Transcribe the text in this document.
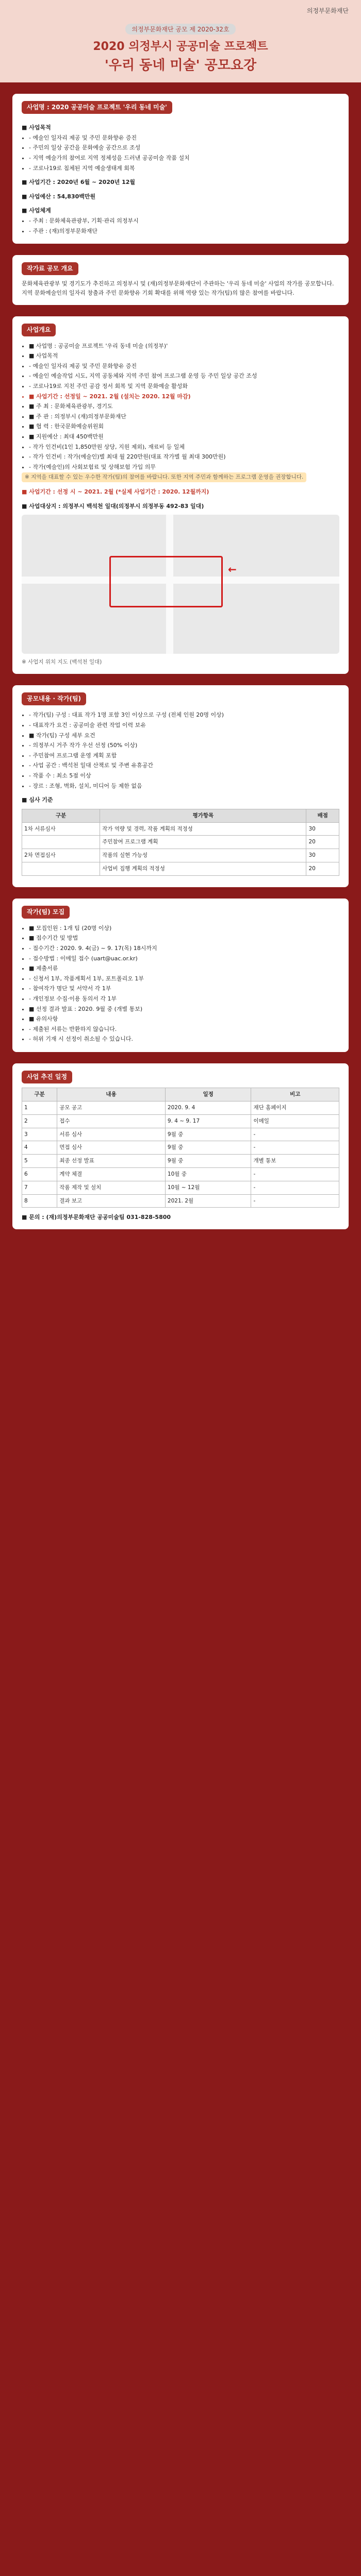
의정부문화재단
의정부문화재단 공모 제 2020-32호
2020 의정부시 공공미술 프로젝트
'우리 동네 미술' 공모요강
사업명 : 2020 공공미술 프로젝트 '우리 동네 미술'
■ 사업목적
• - 예술인 일자리 제공 및 주민 문화향유 증진
• - 주민의 일상 공간을 문화예술 공간으로 조성
• - 지역 예술가의 참여로 지역 정체성을 드러낸 공공미술 작품 설치
• - 코로나19로 침체된 지역 예술생태계 회복
■ 사업기간 : 2020년 6월 ~ 2020년 12월
■ 사업예산 : 54,830백만원
■ 사업체계
• - 주최 : 문화체육관광부, 기획·관리 의정부시
• - 주관 : (재)의정부문화재단
작가료 공모 개요
문화체육관광부 및 경기도가 추진하고 의정부시 및 (재)의정부문화재단이 주관하는 '우리 동네 미술' 사업의 작가를 공모합니다. 지역 문화예술인의 일자리 창출과 주민 문화향유 기회 확대를 위해 역량 있는 작가(팀)의 많은 참여를 바랍니다.
사업개요
• ■ 사업명 : 공공미술 프로젝트 '우리 동네 미술 (의정부)'
• ■ 사업목적
• - 예술인 일자리 제공 및 주민 문화향유 증진
• - 예술인 예술작업 시도, 지역 공동체와 지역 주민 참여 프로그램 운영 등 주민 일상 공간 조성
• - 코로나19로 지친 주민 공감 정서 회복 및 지역 문화예술 활성화
• ■ 사업기간 : 선정일 ~ 2021. 2월 (설치는 2020. 12월 마감)
• ■ 주 최 : 문화체육관광부, 경기도
• ■ 주 관 : 의정부시 (재)의정부문화재단
• ■ 협 력 : 한국문화예술위원회
• ■ 지원예산 : 최대 450백만원
• - 작가 인건비(1인 1,850만원 상당, 지원 제외), 재료비 등 일체
• - 작가 인건비 : 작가(예술인)별 최대 월 220만원(대표 작가별 월 최대 300만원)
• - 작가(예술인)의 사회보험료 및 상해보험 가입 의무
※ 지역을 대표할 수 있는 우수한 작가(팀)의 참여를 바랍니다. 또한 지역 주민과 함께하는 프로그램 운영을 권장합니다.
■ 사업기간 : 선정 시 ~ 2021. 2월 (*실제 사업기간 : 2020. 12월까지)
■ 사업대상지 : 의정부시 백석천 일대(의정부시 의정부동 492-83 일대)
←
※ 사업지 위치 지도 (백석천 일대)
공모내용 · 작가(팀)
• - 작가(팀) 구성 : 대표 작가 1명 포함 3인 이상으로 구성 (전체 인원 20명 이상)
• - 대표작가 요건 : 공공미술 관련 작업 이력 보유
• ■ 작가(팀) 구성 세부 요건
• - 의정부시 거주 작가 우선 선정 (50% 이상)
• - 주민참여 프로그램 운영 계획 포함
• - 사업 공간 : 백석천 일대 산책로 및 주변 유휴공간
• - 작품 수 : 최소 5점 이상
• - 장르 : 조형, 벽화, 설치, 미디어 등 제한 없음
■ 심사 기준
구분	평가항목	배점
1차 서류심사	작가 역량 및 경력, 작품 계획의 적정성	30
	주민참여 프로그램 계획	20
2차 면접심사	작품의 실현 가능성	30
	사업비 집행 계획의 적정성	20
작가(팀) 모집
• ■ 모집인원 : 1개 팀 (20명 이상)
• ■ 접수기간 및 방법
• - 접수기간 : 2020. 9. 4(금) ~ 9. 17(목) 18시까지
• - 접수방법 : 이메일 접수 (uart@uac.or.kr)
• ■ 제출서류
• - 신청서 1부, 작품계획서 1부, 포트폴리오 1부
• - 참여작가 명단 및 서약서 각 1부
• - 개인정보 수집·이용 동의서 각 1부
• ■ 선정 결과 발표 : 2020. 9월 중 (개별 통보)
• ■ 유의사항
• - 제출된 서류는 반환하지 않습니다.
• - 허위 기재 시 선정이 취소될 수 있습니다.
사업 추진 일정
구분	내용	일정	비고
1	공모 공고	2020. 9. 4	재단 홈페이지
2	접수	9. 4 ~ 9. 17	이메일
3	서류 심사	9월 중	-
4	면접 심사	9월 중	-
5	최종 선정 발표	9월 중	개별 통보
6	계약 체결	10월 중	-
7	작품 제작 및 설치	10월 ~ 12월	-
8	결과 보고	2021. 2월	-
■ 문의 : (재)의정부문화재단 공공미술팀 031-828-5800
